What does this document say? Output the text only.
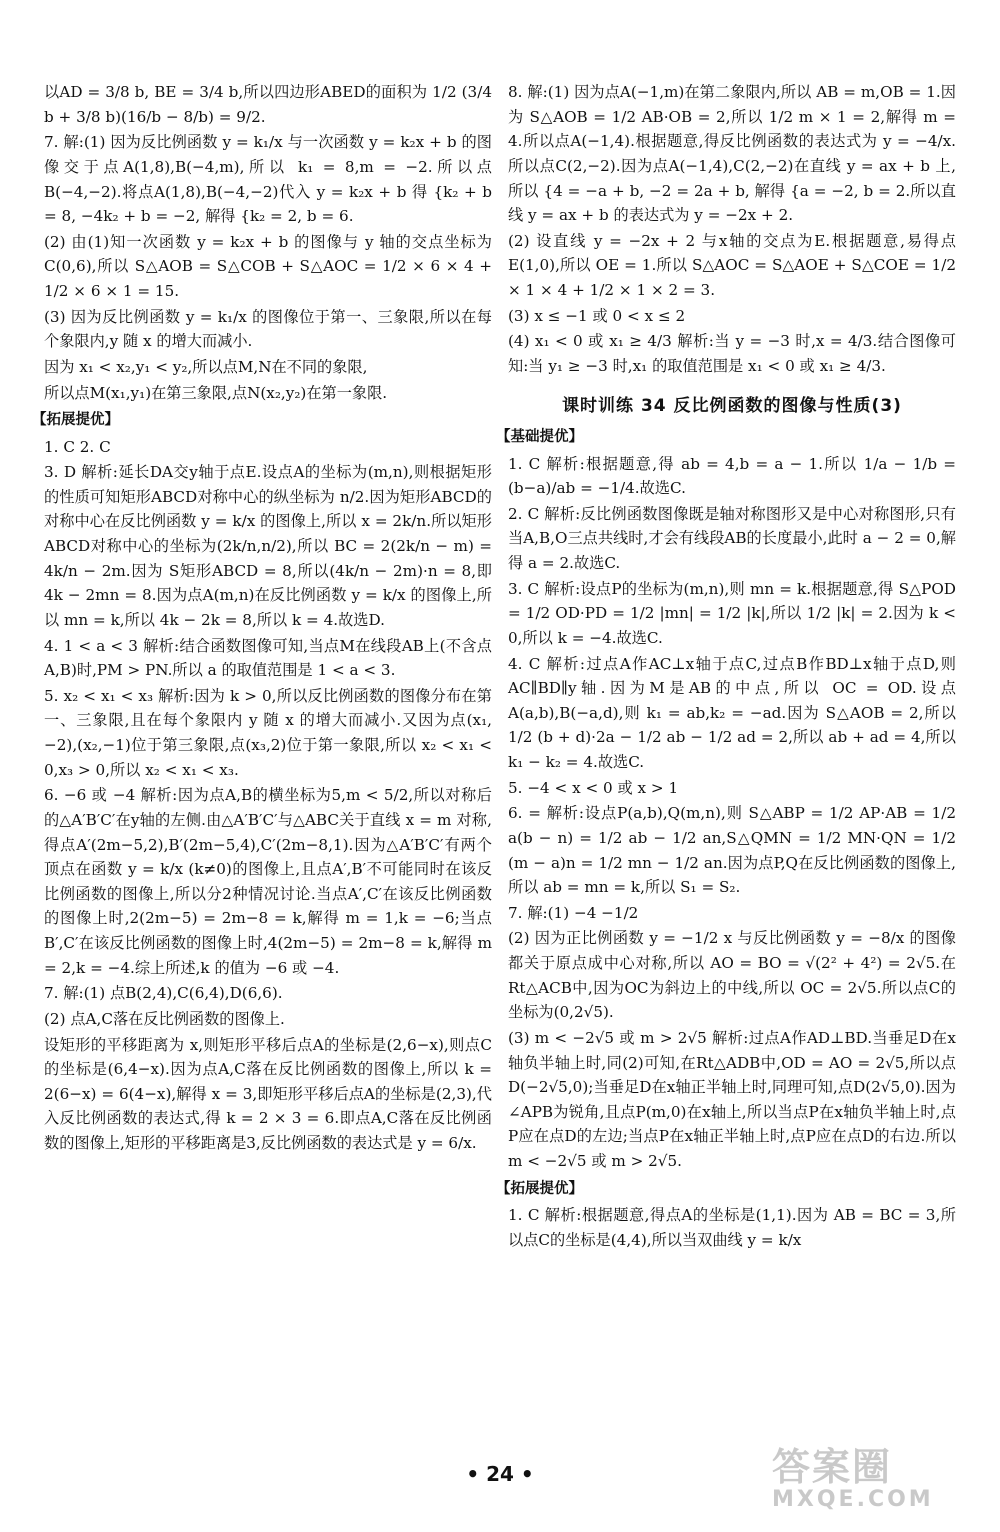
以AD = 3/8 b, BE = 3/4 b,所以四边形ABED的面积为 1/2 (3/4 b + 3/8 b)(16/b − 8/b) = 9/2.

7. 解:(1) 因为反比例函数 y = k₁/x 与一次函数 y = k₂x + b 的图像交于点A(1,8),B(−4,m),所以 k₁ = 8,m = −2.所以点B(−4,−2).将点A(1,8),B(−4,−2)代入 y = k₂x + b 得 {k₂ + b = 8, −4k₂ + b = −2, 解得 {k₂ = 2, b = 6.

(2) 由(1)知一次函数 y = k₂x + b 的图像与 y 轴的交点坐标为C(0,6),所以 S△AOB = S△COB + S△AOC = 1/2 × 6 × 4 + 1/2 × 6 × 1 = 15.

(3) 因为反比例函数 y = k₁/x 的图像位于第一、三象限,所以在每个象限内,y 随 x 的增大而减小.

因为 x₁ < x₂,y₁ < y₂,所以点M,N在不同的象限,

所以点M(x₁,y₁)在第三象限,点N(x₂,y₂)在第一象限.

【拓展提优】

1. C 2. C

3. D 解析:延长DA交y轴于点E.设点A的坐标为(m,n),则根据矩形的性质可知矩形ABCD对称中心的纵坐标为 n/2.因为矩形ABCD的对称中心在反比例函数 y = k/x 的图像上,所以 x = 2k/n.所以矩形ABCD对称中心的坐标为(2k/n,n/2),所以 BC = 2(2k/n − m) = 4k/n − 2m.因为 S矩形ABCD = 8,所以(4k/n − 2m)·n = 8,即 4k − 2mn = 8.因为点A(m,n)在反比例函数 y = k/x 的图像上,所以 mn = k,所以 4k − 2k = 8,所以 k = 4.故选D.

4. 1 < a < 3 解析:结合函数图像可知,当点M在线段AB上(不含点A,B)时,PM > PN.所以 a 的取值范围是 1 < a < 3.

5. x₂ < x₁ < x₃ 解析:因为 k > 0,所以反比例函数的图像分布在第一、三象限,且在每个象限内 y 随 x 的增大而减小.又因为点(x₁,−2),(x₂,−1)位于第三象限,点(x₃,2)位于第一象限,所以 x₂ < x₁ < 0,x₃ > 0,所以 x₂ < x₁ < x₃.

6. −6 或 −4 解析:因为点A,B的横坐标为5,m < 5/2,所以对称后的△A′B′C′在y轴的左侧.由△A′B′C′与△ABC关于直线 x = m 对称,得点A′(2m−5,2),B′(2m−5,4),C′(2m−8,1).因为△A′B′C′有两个顶点在函数 y = k/x (k≠0)的图像上,且点A′,B′不可能同时在该反比例函数的图像上,所以分2种情况讨论.当点A′,C′在该反比例函数的图像上时,2(2m−5) = 2m−8 = k,解得 m = 1,k = −6;当点B′,C′在该反比例函数的图像上时,4(2m−5) = 2m−8 = k,解得 m = 2,k = −4.综上所述,k 的值为 −6 或 −4.

7. 解:(1) 点B(2,4),C(6,4),D(6,6).

(2) 点A,C落在反比例函数的图像上.

设矩形的平移距离为 x,则矩形平移后点A的坐标是(2,6−x),则点C的坐标是(6,4−x).因为点A,C落在反比例函数的图像上,所以 k = 2(6−x) = 6(4−x),解得 x = 3,即矩形平移后点A的坐标是(2,3),代入反比例函数的表达式,得 k = 2 × 3 = 6.即点A,C落在反比例函数的图像上,矩形的平移距离是3,反比例函数的表达式是 y = 6/x.

8. 解:(1) 因为点A(−1,m)在第二象限内,所以 AB = m,OB = 1.因为 S△AOB = 1/2 AB·OB = 2,所以 1/2 m × 1 = 2,解得 m = 4.所以点A(−1,4).根据题意,得反比例函数的表达式为 y = −4/x.所以点C(2,−2).因为点A(−1,4),C(2,−2)在直线 y = ax + b 上,所以 {4 = −a + b, −2 = 2a + b, 解得 {a = −2, b = 2.所以直线 y = ax + b 的表达式为 y = −2x + 2.

(2) 设直线 y = −2x + 2 与x轴的交点为E.根据题意,易得点E(1,0),所以 OE = 1.所以 S△AOC = S△AOE + S△COE = 1/2 × 1 × 4 + 1/2 × 1 × 2 = 3.

(3) x ≤ −1 或 0 < x ≤ 2

(4) x₁ < 0 或 x₁ ≥ 4/3 解析:当 y = −3 时,x = 4/3.结合图像可知:当 y₁ ≥ −3 时,x₁ 的取值范围是 x₁ < 0 或 x₁ ≥ 4/3.

课时训练 34 反比例函数的图像与性质(3)

【基础提优】

1. C 解析:根据题意,得 ab = 4,b = a − 1.所以 1/a − 1/b = (b−a)/ab = −1/4.故选C.

2. C 解析:反比例函数图像既是轴对称图形又是中心对称图形,只有当A,B,O三点共线时,才会有线段AB的长度最小,此时 a − 2 = 0,解得 a = 2.故选C.

3. C 解析:设点P的坐标为(m,n),则 mn = k.根据题意,得 S△POD = 1/2 OD·PD = 1/2 |mn| = 1/2 |k|,所以 1/2 |k| = 2.因为 k < 0,所以 k = −4.故选C.

4. C 解析:过点A作AC⊥x轴于点C,过点B作BD⊥x轴于点D,则AC∥BD∥y轴.因为M是AB的中点,所以 OC = OD.设点A(a,b),B(−a,d),则 k₁ = ab,k₂ = −ad.因为 S△AOB = 2,所以 1/2 (b + d)·2a − 1/2 ab − 1/2 ad = 2,所以 ab + ad = 4,所以 k₁ − k₂ = 4.故选C.

5. −4 < x < 0 或 x > 1

6. = 解析:设点P(a,b),Q(m,n),则 S△ABP = 1/2 AP·AB = 1/2 a(b − n) = 1/2 ab − 1/2 an,S△QMN = 1/2 MN·QN = 1/2 (m − a)n = 1/2 mn − 1/2 an.因为点P,Q在反比例函数的图像上,所以 ab = mn = k,所以 S₁ = S₂.

7. 解:(1) −4 −1/2

(2) 因为正比例函数 y = −1/2 x 与反比例函数 y = −8/x 的图像都关于原点成中心对称,所以 AO = BO = √(2² + 4²) = 2√5.在Rt△ACB中,因为OC为斜边上的中线,所以 OC = 2√5.所以点C的坐标为(0,2√5).

(3) m < −2√5 或 m > 2√5 解析:过点A作AD⊥BD.当垂足D在x轴负半轴上时,同(2)可知,在Rt△ADB中,OD = AO = 2√5,所以点D(−2√5,0);当垂足D在x轴正半轴上时,同理可知,点D(2√5,0).因为∠APB为锐角,且点P(m,0)在x轴上,所以当点P在x轴负半轴上时,点P应在点D的左边;当点P在x轴正半轴上时,点P应在点D的右边.所以 m < −2√5 或 m > 2√5.

【拓展提优】

1. C 解析:根据题意,得点A的坐标是(1,1).因为 AB = BC = 3,所以点C的坐标是(4,4),所以当双曲线 y = k/x

• 24 •	答案圈
MXQE.COM
